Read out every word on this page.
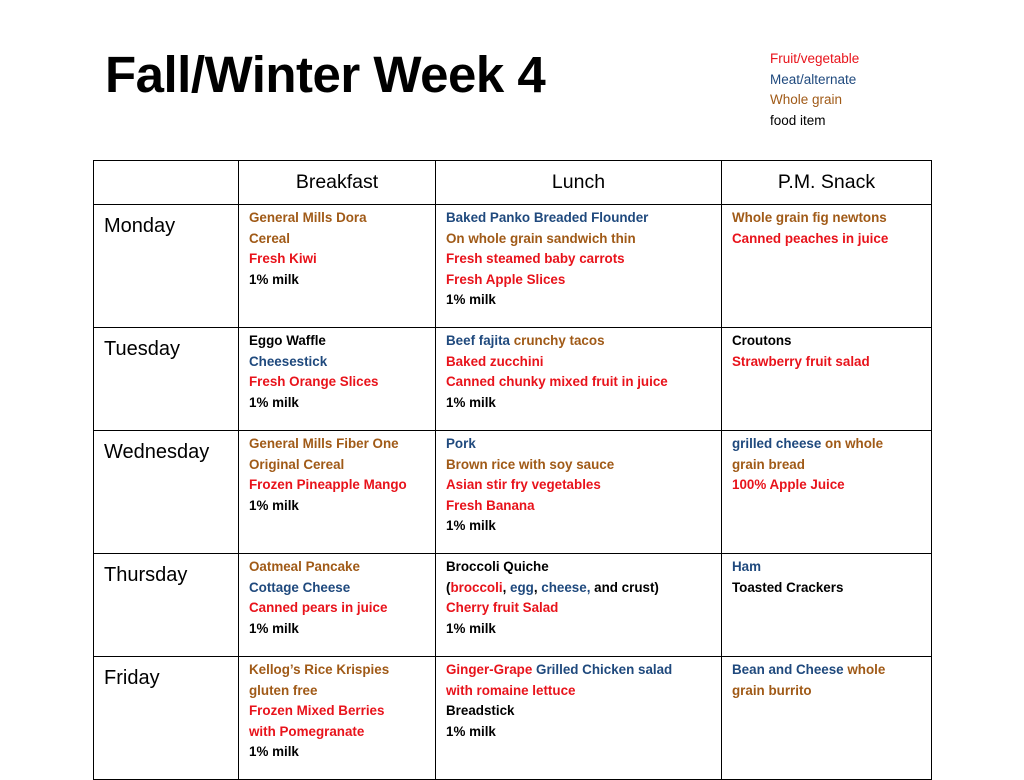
Fall/Winter Week 4	Fruit/vegetable
Meat/alternate
Whole grain
food item
	Breakfast	Lunch	P.M. Snack
Monday	General Mills Dora
Cereal
Fresh Kiwi
1% milk	Baked Panko Breaded Flounder
On whole grain sandwich thin
Fresh steamed baby carrots
Fresh Apple Slices
1% milk	Whole grain fig newtons
Canned peaches in juice

Tuesday	Eggo Waffle
Cheesestick
Fresh Orange Slices
1% milk	Beef fajita crunchy tacos
Baked zucchini
Canned chunky mixed fruit in juice
1% milk	Croutons
Strawberry fruit salad

Wednesday	General Mills Fiber One
Original Cereal
Frozen Pineapple Mango
1% milk	Pork
Brown rice with soy sauce
Asian stir fry vegetables
Fresh Banana
1% milk	grilled cheese on whole
grain bread
100% Apple Juice

Thursday	Oatmeal Pancake
Cottage Cheese
Canned pears in juice
1% milk	Broccoli Quiche
(broccoli, egg, cheese, and crust)
Cherry fruit Salad
1% milk	Ham
Toasted Crackers

Friday	Kellog’s Rice Krispies
gluten free
Frozen Mixed Berries
with Pomegranate
1% milk	Ginger-Grape Grilled Chicken salad
with romaine lettuce
Breadstick
1% milk	Bean and Cheese whole
grain burrito
